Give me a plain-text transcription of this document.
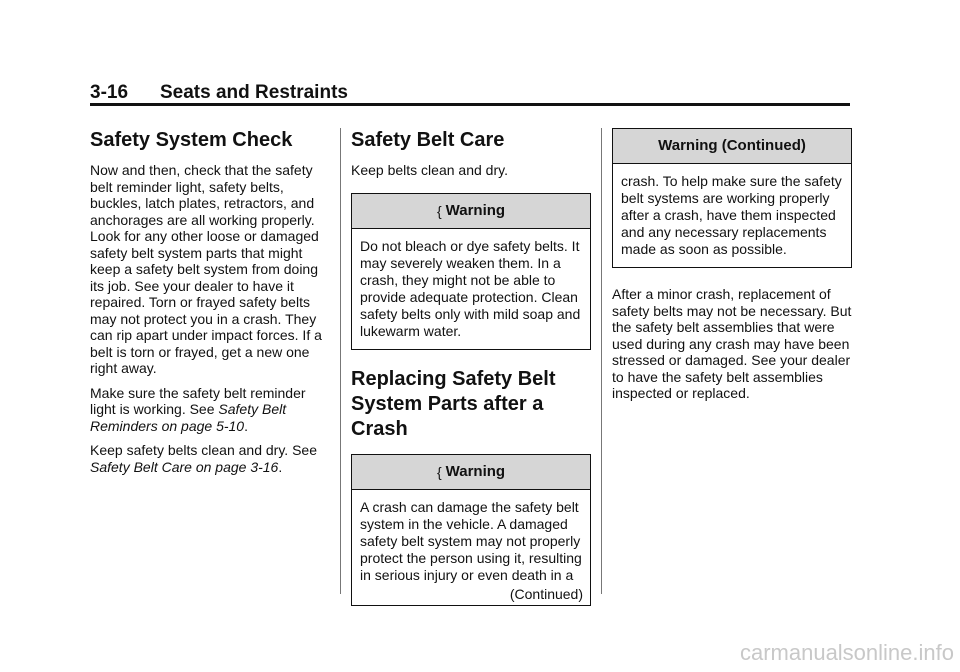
3-16 Seats and Restraints
Safety System Check

Now and then, check that the safety belt reminder light, safety belts, buckles, latch plates, retractors, and anchorages are all working properly. Look for any other loose or damaged safety belt system parts that might keep a safety belt system from doing its job. See your dealer to have it repaired. Torn or frayed safety belts may not protect you in a crash. They can rip apart under impact forces. If a belt is torn or frayed, get a new one right away.

Make sure the safety belt reminder light is working. See Safety Belt Reminders on page 5-10.

Keep safety belts clean and dry. See Safety Belt Care on page 3-16.

Safety Belt Care

Keep belts clean and dry.

{ Warning
Do not bleach or dye safety belts. It may severely weaken them. In a crash, they might not be able to provide adequate protection. Clean safety belts only with mild soap and lukewarm water.
Replacing Safety Belt System Parts after a Crash
{ Warning
A crash can damage the safety belt system in the vehicle. A damaged safety belt system may not properly protect the person using it, resulting in serious injury or even death in a
(Continued)
Warning (Continued)
crash. To help make sure the safety belt systems are working properly after a crash, have them inspected and any necessary replacements made as soon as possible.

After a minor crash, replacement of safety belts may not be necessary. But the safety belt assemblies that were used during any crash may have been stressed or damaged. See your dealer to have the safety belt assemblies inspected or replaced.

carmanualsonline.info
